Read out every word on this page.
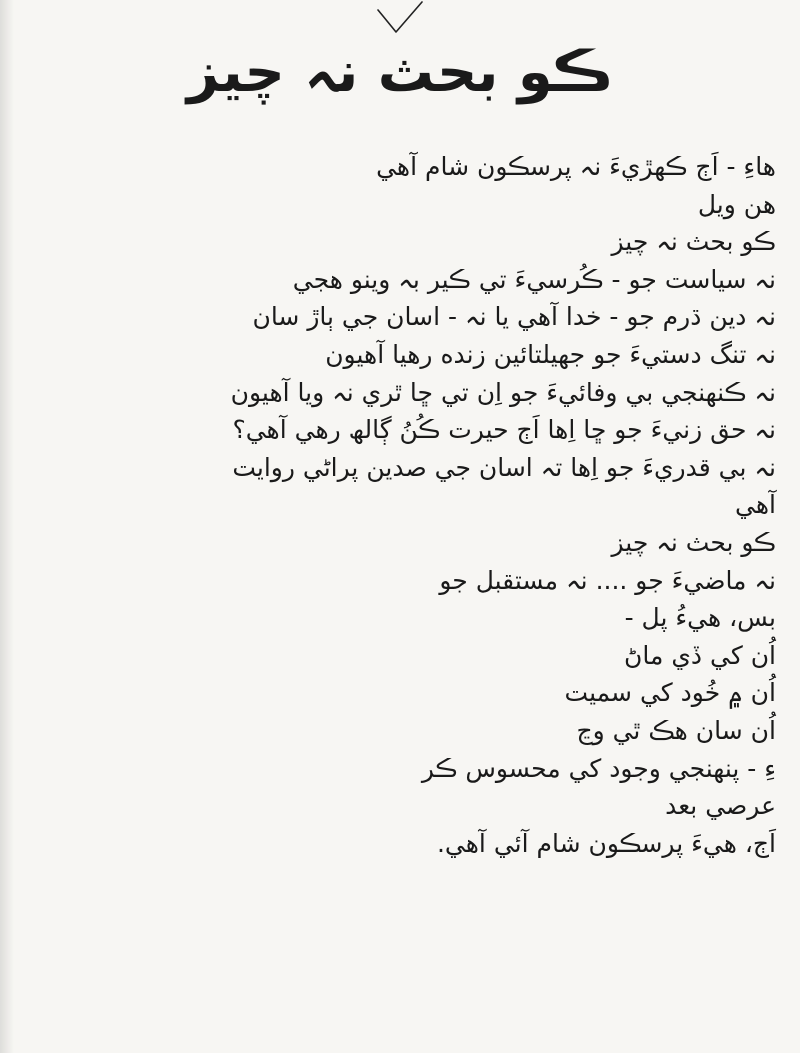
ڪو بحث نہ چيز
ھاءِ - اَڄ ڪھڙيءَ نہ پرسڪون شام آھي
ھن ويل
ڪو بحث نہ چيز
نہ سياست جو - ڪُرسيءَ تي ڪير بہ وينو ھجي
نہ دين ڌرم جو - خدا آھي يا نہ - اسان جي ٻاڙ سان
نہ تنگ دستيءَ جو جھيلتائين زنده رھيا آھيون
نہ ڪنھنجي بي وفائيءَ جو اِن تي ڇا ٿري نہ ويا آھيون
نہ حق زنيءَ جو ڇا اِھا اَڄ حيرت ڪُنُ ڳالھ رھي آھي؟
نہ بي قدريءَ جو اِھا تہ اسان جي صدين پراڻي روايت
آھي
ڪو بحث نہ چيز
نہ ماضيءَ جو .... نہ مستقبل جو
بس، ھيءُ پل -
اُن کي ڏي ماڻ
اُن ۾ خُود کي سميت
اُن سان ھڪ ٿي وڃ
ءِ - پنھنجي وجود کي محسوس ڪر
عرصي بعد
اَڄ، ھيءَ پرسڪون شام آئي آھي.
